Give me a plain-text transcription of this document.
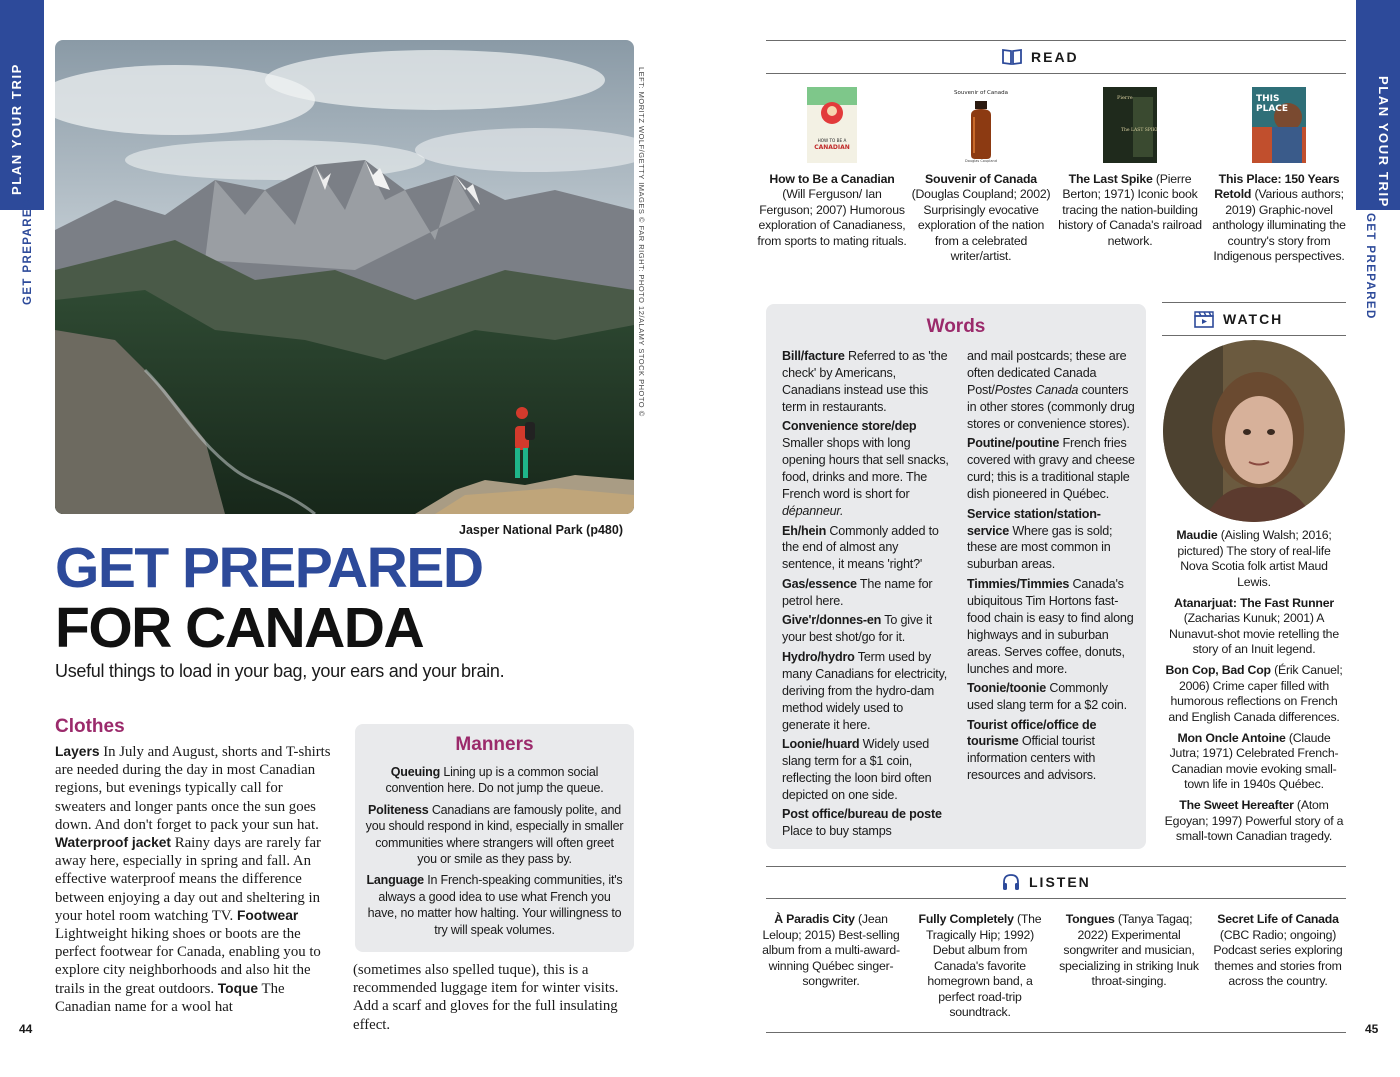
PLAN YOUR TRIP
GET PREPARED
PLAN YOUR TRIP
GET PREPARED
LEFT: MORITZ WOLF/GETTY IMAGES © FAR RIGHT: PHOTO 12/ALAMY STOCK PHOTO ©
Jasper National Park (p480)
GET PREPARED
FOR CANADA
Useful things to load in your bag, your ears and your brain.
Clothes
Layers In July and August, shorts and T-shirts are needed during the day in most Canadian regions, but evenings typically call for sweaters and longer pants once the sun goes down. And don't forget to pack your sun hat. Waterproof jacket Rainy days are rarely far away here, especially in spring and fall. An effective waterproof means the difference between enjoying a day out and sheltering in your hotel room watching TV. Footwear Lightweight hiking shoes or boots are the perfect footwear for Canada, enabling you to explore city neighborhoods and also hit the trails in the great outdoors. Toque The Canadian name for a wool hat
(sometimes also spelled tuque), this is a recommended luggage item for winter visits. Add a scarf and gloves for the full insulating effect.
Manners

Queuing Lining up is a common social convention here. Do not jump the queue.

Politeness Canadians are famously polite, and you should respond in kind, especially in smaller communities where strangers will often greet you or smile as they pass by.

Language In French-speaking communities, it's always a good idea to use what French you have, no matter how halting. Your willingness to try will speak volumes.

44	45
READ
HOW TO BE A
CANADIAN
Souvenir of Canada
Douglas Coupland
Pierre
The LAST SPIKE
THIS
PLACE
How to Be a Canadian (Will Ferguson/ Ian Ferguson; 2007) Humorous exploration of Canadianess, from sports to mating rituals.
Souvenir of Canada (Douglas Coupland; 2002) Surprisingly evocative exploration of the nation from a celebrated writer/artist.
The Last Spike (Pierre Berton; 1971) Iconic book tracing the nation-building history of Canada's railroad network.
This Place: 150 Years Retold (Various authors; 2019) Graphic-novel anthology illuminating the country's story from Indigenous perspectives.
Words

Bill/facture Referred to as 'the check' by Americans, Canadians instead use this term in restaurants.

Convenience store/dep Smaller shops with long opening hours that sell snacks, food, drinks and more. The French word is short for dépanneur.

Eh/hein Commonly added to the end of almost any sentence, it means 'right?'

Gas/essence The name for petrol here.

Give'r/donnes-en To give it your best shot/go for it.

Hydro/hydro Term used by many Canadians for electricity, deriving from the hydro-dam method widely used to generate it here.

Loonie/huard Widely used slang term for a $1 coin, reflecting the loon bird often depicted on one side.

Post office/bureau de poste Place to buy stamps

and mail postcards; these are often dedicated Canada Post/Postes Canada counters in other stores (commonly drug stores or convenience stores).

Poutine/poutine French fries covered with gravy and cheese curd; this is a traditional staple dish pioneered in Québec.

Service station/station-service Where gas is sold; these are most common in suburban areas.

Timmies/Timmies Canada's ubiquitous Tim Hortons fast-food chain is easy to find along highways and in suburban areas. Serves coffee, donuts, lunches and more.

Toonie/toonie Commonly used slang term for a $2 coin.

Tourist office/office de tourisme Official tourist information centers with resources and advisors.

WATCH

Maudie (Aisling Walsh; 2016; pictured) The story of real-life Nova Scotia folk artist Maud Lewis.

Atanarjuat: The Fast Runner (Zacharias Kunuk; 2001) A Nunavut-shot movie retelling the story of an Inuit legend.

Bon Cop, Bad Cop (Érik Canuel; 2006) Crime caper filled with humorous reflections on French and English Canada differences.

Mon Oncle Antoine (Claude Jutra; 1971) Celebrated French-Canadian movie evoking small-town life in 1940s Québec.

The Sweet Hereafter (Atom Egoyan; 1997) Powerful story of a small-town Canadian tragedy.

LISTEN
À Paradis City (Jean Leloup; 2015) Best-selling album from a multi-award-winning Québec singer-songwriter.
Fully Completely (The Tragically Hip; 1992) Debut album from Canada's favorite homegrown band, a perfect road-trip soundtrack.
Tongues (Tanya Tagaq; 2022) Experimental songwriter and musician, specializing in striking Inuk throat-singing.
Secret Life of Canada (CBC Radio; ongoing) Podcast series exploring themes and stories from across the country.
